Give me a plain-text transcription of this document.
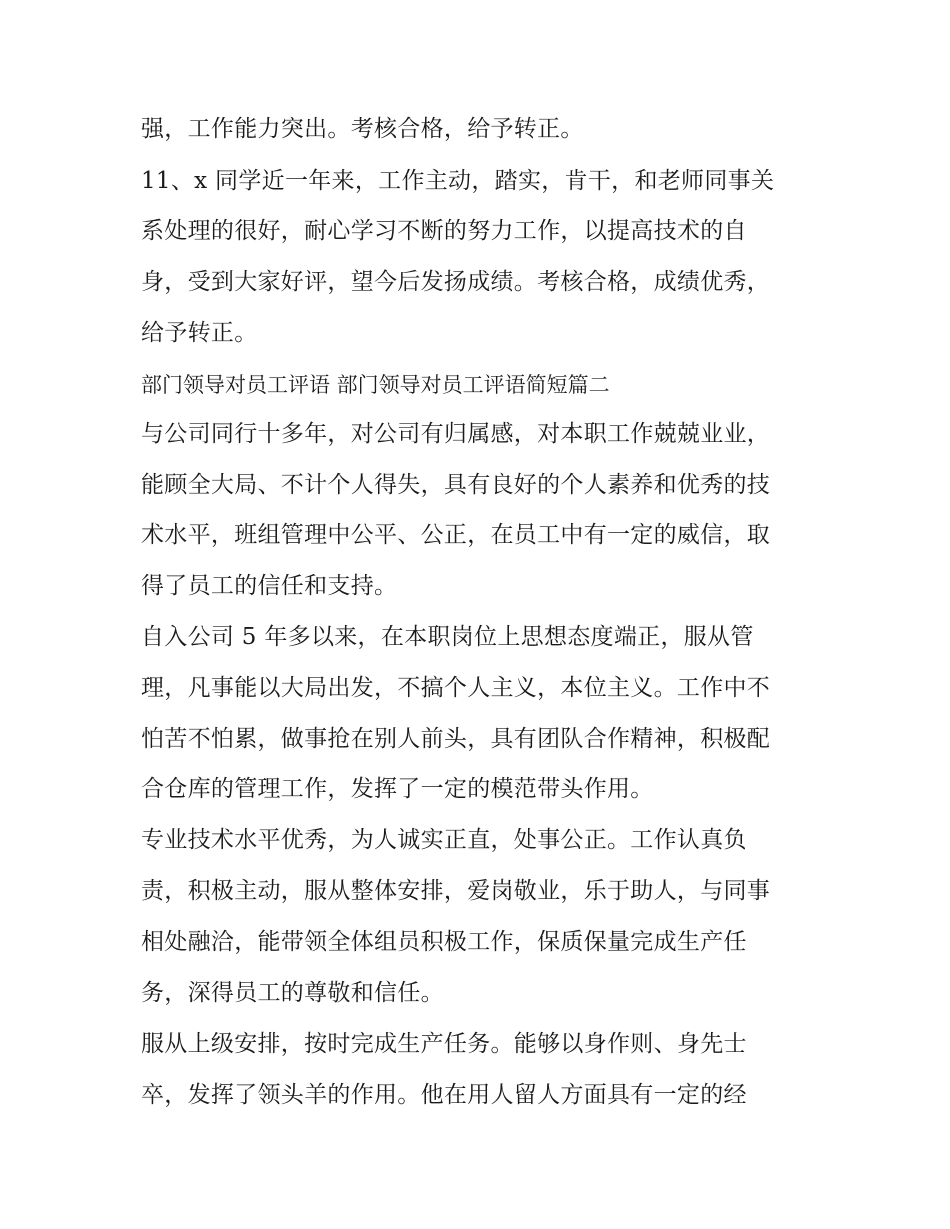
强，工作能力突出。考核合格，给予转正。
11、x 同学近一年来，工作主动，踏实，肯干，和老师同事关
系处理的很好，耐心学习不断的努力工作，以提高技术的自
身，受到大家好评，望今后发扬成绩。考核合格，成绩优秀，
给予转正。
部门领导对员工评语 部门领导对员工评语简短篇二
与公司同行十多年，对公司有归属感，对本职工作兢兢业业，
能顾全大局、不计个人得失，具有良好的个人素养和优秀的技
术水平，班组管理中公平、公正，在员工中有一定的威信，取
得了员工的信任和支持。
自入公司 5 年多以来，在本职岗位上思想态度端正，服从管
理，凡事能以大局出发，不搞个人主义，本位主义。工作中不
怕苦不怕累，做事抢在别人前头，具有团队合作精神，积极配
合仓库的管理工作，发挥了一定的模范带头作用。
专业技术水平优秀，为人诚实正直，处事公正。工作认真负
责，积极主动，服从整体安排，爱岗敬业，乐于助人，与同事
相处融洽，能带领全体组员积极工作，保质保量完成生产任
务，深得员工的尊敬和信任。
服从上级安排，按时完成生产任务。能够以身作则、身先士
卒，发挥了领头羊的作用。他在用人留人方面具有一定的经
